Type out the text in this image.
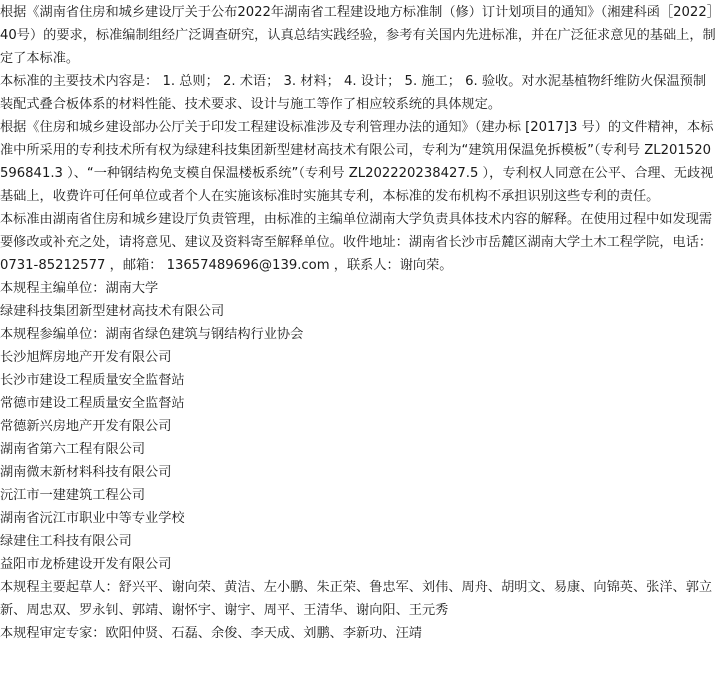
根据《湖南省住房和城乡建设厅关于公布2022年湖南省工程建设地方标准制（修）订计划项目的通知》（湘建科函［2022］40号）的要求，标准编制组经广泛调查研究，认真总结实践经验，参考有关国内先进标准，并在广泛征求意见的基础上，制定了本标准。

本标准的主要技术内容是： 1. 总则； 2. 术语； 3. 材料； 4. 设计； 5. 施工； 6. 验收。对水泥基植物纤维防火保温预制装配式叠合板体系的材料性能、技术要求、设计与施工等作了相应较系统的具体规定。

根据《住房和城乡建设部办公厅关于印发工程建设标准涉及专利管理办法的通知》（建办标 [2017]3 号）的文件精神，本标准中所采用的专利技术所有权为绿建科技集团新型建材高技术有限公司，专利为“建筑用保温免拆模板”（专利号 ZL201520596841.3 ）、“一种钢结构免支模自保温楼板系统”（专利号 ZL202220238427.5 ），专利权人同意在公平、合理、无歧视基础上，收费许可任何单位或者个人在实施该标准时实施其专利，本标准的发布机构不承担识别这些专利的责任。

本标准由湖南省住房和城乡建设厅负责管理，由标准的主编单位湖南大学负责具体技术内容的解释。在使用过程中如发现需要修改或补充之处，请将意见、建议及资料寄至解释单位。收件地址：湖南省长沙市岳麓区湖南大学土木工程学院，电话： 0731-85212577 ，邮箱： 13657489696@139.com ，联系人：谢向荣。

本规程主编单位：湖南大学

绿建科技集团新型建材高技术有限公司

本规程参编单位：湖南省绿色建筑与钢结构行业协会

长沙旭辉房地产开发有限公司

长沙市建设工程质量安全监督站

常德市建设工程质量安全监督站

常德新兴房地产开发有限公司

湖南省第六工程有限公司

湖南微末新材料科技有限公司

沅江市一建建筑工程公司

湖南省沅江市职业中等专业学校

绿建住工科技有限公司

益阳市龙桥建设开发有限公司

本规程主要起草人：舒兴平、谢向荣、黄洁、左小鹏、朱正荣、鲁忠军、刘伟、周舟、胡明文、易康、向锦英、张洋、郭立新、周忠双、罗永钊、郭靖、谢怀宇、谢宇、周平、王清华、谢向阳、王元秀

本规程审定专家：欧阳仲贤、石磊、余俊、李天成、刘鹏、李新功、汪靖
